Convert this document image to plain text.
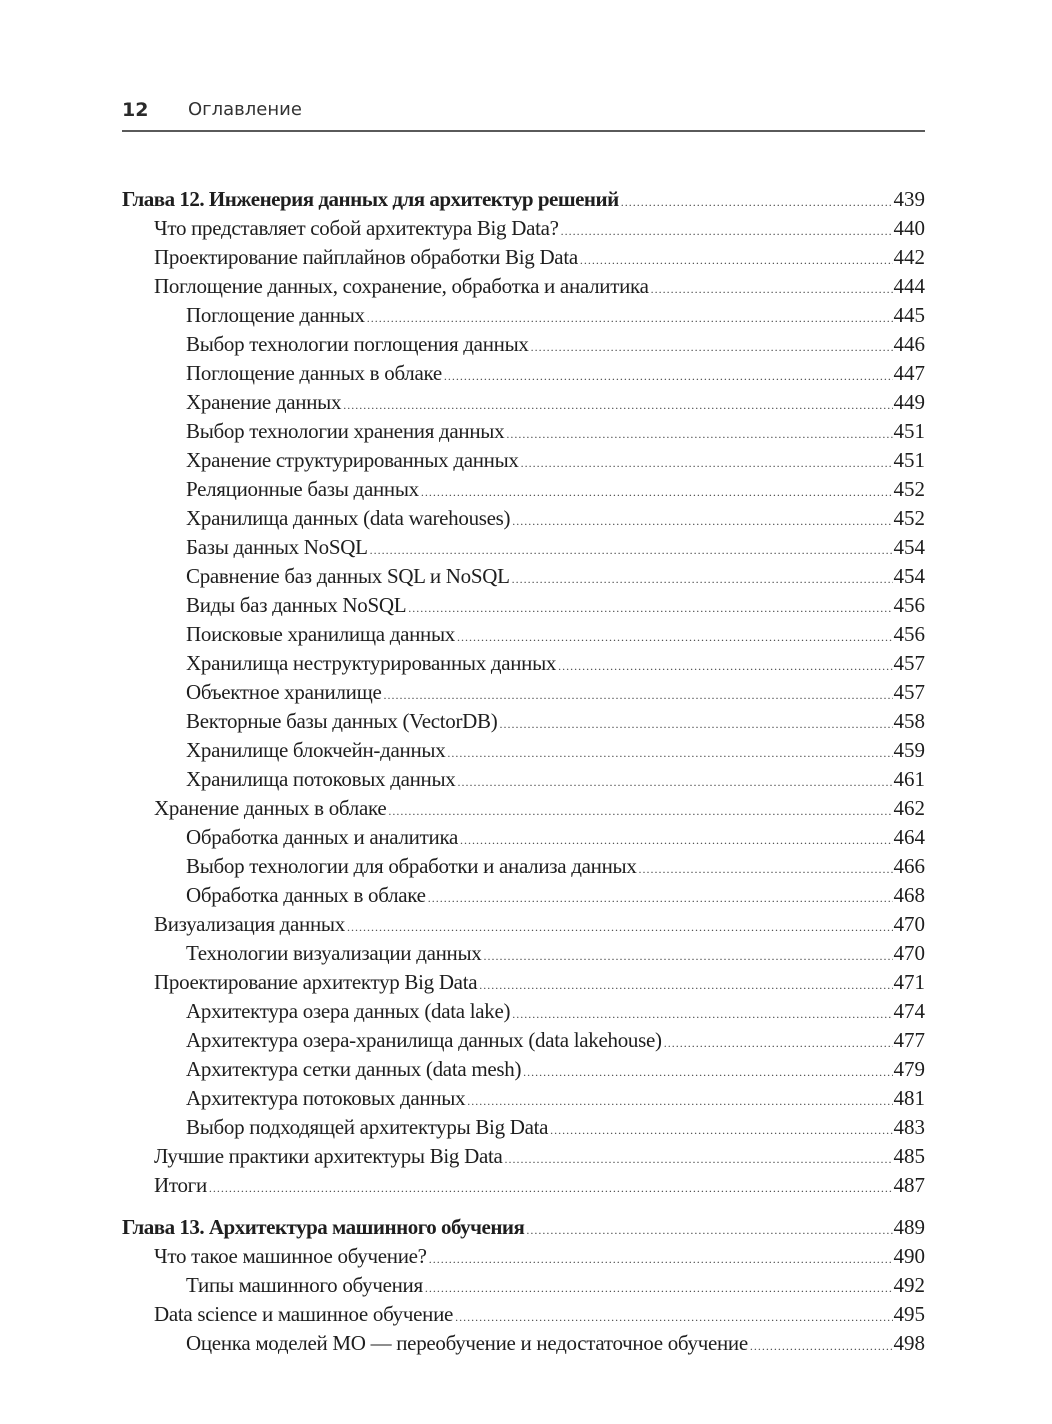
12 Оглавление
Глава 12. Инженерия данных для архитектур решений .....	439
Что представляет собой архитектура Big Data? .....	440
Проектирование пайплайнов обработки Big Data .....	442
Поглощение данных, сохранение, обработка и аналитика .....	444
Поглощение данных .....	445
Выбор технологии поглощения данных .....	446
Поглощение данных в облаке .....	447
Хранение данных .....	449
Выбор технологии хранения данных .....	451
Хранение структурированных данных .....	451
Реляционные базы данных .....	452
Хранилища данных (data warehouses) .....	452
Базы данных NoSQL .....	454
Сравнение баз данных SQL и NoSQL .....	454
Виды баз данных NoSQL .....	456
Поисковые хранилища данных .....	456
Хранилища неструктурированных данных .....	457
Объектное хранилище .....	457
Векторные базы данных (VectorDB) .....	458
Хранилище блокчейн-данных .....	459
Хранилища потоковых данных .....	461
Хранение данных в облаке .....	462
Обработка данных и аналитика .....	464
Выбор технологии для обработки и анализа данных .....	466
Обработка данных в облаке .....	468
Визуализация данных .....	470
Технологии визуализации данных .....	470
Проектирование архитектур Big Data .....	471
Архитектура озера данных (data lake) .....	474
Архитектура озера-хранилища данных (data lakehouse) .....	477
Архитектура сетки данных (data mesh) .....	479
Архитектура потоковых данных .....	481
Выбор подходящей архитектуры Big Data .....	483
Лучшие практики архитектуры Big Data .....	485
Итоги .....	487
Глава 13. Архитектура машинного обучения .....	489
Что такое машинное обучение? .....	490
Типы машинного обучения .....	492
Data science и машинное обучение .....	495
Оценка моделей МО — переобучение и недостаточное обучение .....	498
